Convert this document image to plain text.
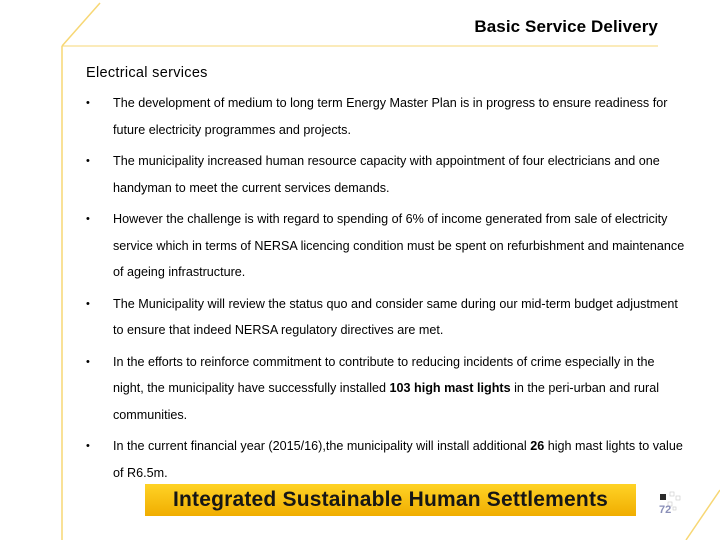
Basic Service Delivery
Electrical services
• The development of medium to long term Energy Master Plan is in progress to ensure readiness for future electricity programmes and projects.
• The municipality increased human resource capacity with appointment of four electricians and one handyman to meet the current services demands.
• However the challenge is with regard to spending of 6% of income generated from sale of electricity service which in terms of NERSA licencing condition must be spent on refurbishment and maintenance of ageing infrastructure.
• The Municipality will review the status quo and consider same during our mid-term budget adjustment to ensure that indeed NERSA regulatory directives are met.
• In the efforts to reinforce commitment to contribute to reducing incidents of crime especially in the night, the municipality have successfully installed 103 high mast lights in the peri-urban and rural communities.
• In the current financial year (2015/16),the municipality will install additional 26 high mast lights to value of R6.5m.
Integrated Sustainable Human Settlements	72
